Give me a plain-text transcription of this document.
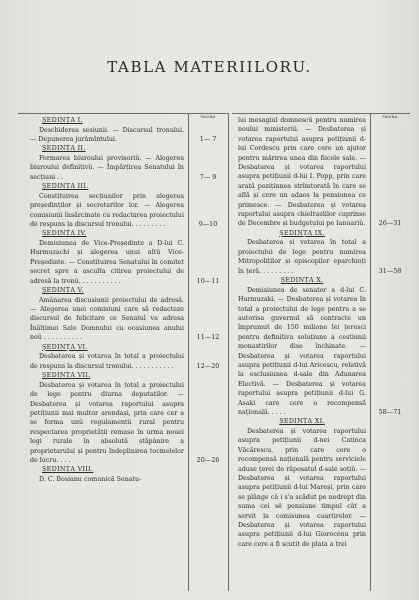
TABLA MATERIILORU.
PAGINA	PAGINA
ȘEDINȚA I.
Deschiderea sesiunii. — Discursul tronului. — Depunerea jurămîntului.	1— 7
ȘEDINȚA II.
Formarea biuroului provisoriŭ. — Alegerea biuroului definitivŭ. — Împărțirea Senatului în secțiuni . .	7— 9
ȘEDINȚA III.
Constituirea secțiunilor prin alegerea președinților și secretarilor lor. — Alegerea comisiunii însărcinate cu redactarea proiectului de respuns la discursul tronului. . . . . . . . .	9—10
ȘEDINȚA IV.
Demisiunea de Vice-Președinte a D-lui C. Hurmuzachi și alegerea unui altŭ Vice-Președinte. — Constituirea Senatului în comitet secret spre a asculta citirea proiectului de adresă la tronŭ. . . . . . . . . . .	10—11
ȘEDINȚA V.
Amânarea discusiunii proiectului de adresă. — Alegerea unei comisiuni care să redacteze discursul de felicitare ce Senatul va adresa Înălțimei Sale Domnului cu ocasiunea anului noŭ . . . . . . . . . .	11—12
ȘEDINȚA VI.
Desbaterea și votarea în total a proiectului de respuns la discursul tronului. . . . . . . . . . .	12—20
ȘEDINȚA VII.
Desbaterea și votarea în total a proiectului de lege pentru diurna deputaților. — Desbaterea și votarea raportului asupra petițiunii mai multor arendași, prin care cer a se forma unŭ regulamentŭ rural pentru respectarea proprietății remase în urma nouei legi rurale în absolută stăpânire a proprietarului și pentru îndeplinirea tocmelelor de lucru. . . .	20—26
ȘEDINȚA VIII.
D. C. Bosianu comunică Senatu-
lui mesagiul domnescŭ pentru numirea noului ministeriŭ. — Desbaterea și votarea raportului asupra petițiunii d-lui Cordescu prin care cere un ajutor pentru mărirea unea din fiicele sale. — Desbaterea și votarea raportului asupra petițiunii d-lui I. Popp, prin care arată poziținnea strîmtorată în care se află și cere un adaos la pensiunea ce primesce. — Desbaterea și votarea raportului asupra chieltuelilor cuprinse de Decembre și budgetului pe Ianuariŭ.	26—31
ȘEDINȚA IX.
Desbaterea și votarea în total a proiectului de lege pentru numirea Mitropoliților și episcopilor eparchioți în țeră. . . . . . . . .	31—58
ȘEDINȚA X.
Demisiunea de senator a d-lui C. Hurmuzaki. — Desbaterea și votarea în total a proiectului de lege pentru a se autorisa guvernul să contracte un împrumut de 150 milione lei țeresci pentru definitiva soluțiune a cestiunii monastirilor dise închinate. — Desbaterea și votarea raportului asupra petițiunii d-lui Aricescu, relativă la esclusiunea d-sale din Adunarea Electivă. — Desbaterea și votarea raportului asupra petițiunii d-lui G. Asaki care cere o recompensă națională. . . . .	58—71
ȘEDINȚA XI.
Desbaterea și votarea raportului asupra petițiunii d-nei Catinca Văcărescu, prin care cere o recompensă națională pentru serviciele aduse țerei de răposatul d-sale soțiŭ. — Desbaterea și votarea raportului asupra petițiunii d-lui Mareși, prin care se plânge că i s'a scădut pe nedrept din suma cei sĕ pensiune timpul cât a servit la comisunea cuartirelor. — Desbaterea și votarea raportului asupra petițiunii d-lui Giorocénu prin care cere a fi scutit de plata a trei
